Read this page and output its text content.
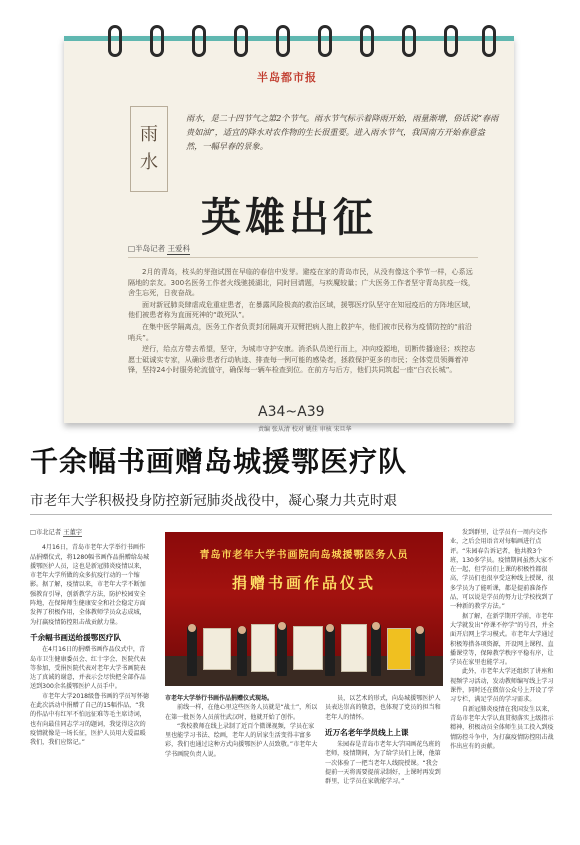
半岛都市报
雨
水
雨水，是二十四节气之第2个节气。雨水节气标示着降雨开始，雨量渐增，俗话说“春雨贵如油”，适宜的降水对农作物的生长很重要。进入雨水节气，我国南方开始春意盎然，一幅早春的景象。
英雄出征
□半岛记者 王爱科

2月的青岛，枝头的芽孢试图在早临的春信中发芽。避疫在家的青岛市民，从没有像这个季节一样，心系远隔地的亲友。300名医务工作者火线驰援湖北，同时回请题，与疾魔较量；广大医务工作者坚守青岛抗疫一线，舍生忘死，日夜奋战。

面对新冠肺炎肆虐成危重症患者，在暴露风险极高的救治区域，援鄂医疗队坚守在知冠疫后的方阵地区域，他们被患者称为直面死神的“敢死队”。

在集中医学隔离点，医务工作者负责封闭隔离开双臂把病人抱上救护车，他们被市民称为疫情防控的“前沿哨兵”。

逆行，给点方带去希望，坚守，为城市守护安康。消杀队员逆行而上，冲向疫源地，切断传播途径；疾控志愿士砥诚实专家，从确诊患者行动轨迹、排查每一例可能的感染者，拯救保护更多的市民；全体党员领舞着冲锋，坚持24小时服务轮流值守，确保每一辆车检查到位。在前方与后方，他们共同筑起一座“白衣长城”。

A34~A39
责编 张从清 校对 姚佳 审核 宋旦华
千余幅书画赠岛城援鄂医疗队
市老年大学积极投身防控新冠肺炎战役中，凝心聚力共克时艰

□市北记者 王董宇

4月16日，青岛市老年大学举行书画作品捐赠仪式，将1280幅书画作品捐赠给岛城援鄂医护人员，这也是新冠肺炎疫情以来，市老年大学所做的众多抗疫行动的一个缩影。据了解，疫情以来，市老年大学不断加强教育引导，创新教学方法，防护校园安全阵地，在保障师生健康安全和社会稳定方面发挥了积极作用，全体教师学员众志成城，为打赢疫情防控阻击战贡献力量。

千余幅书画送给援鄂医疗队

在4月16日的捐赠书画作品仪式中，青岛市卫生健康委员会、红十字会、医院代表等参加，受捐医院代表对老年大学书画院表达了真诚的谢意，并表示会尽快把全部作品送到300余名援鄂医护人员手中。

市老年大学2018级鲁书画的学员写怀德在此次活动中捐赠了自己的15幅作品，“我的作品中有红军不怕远征难等毛主席诗词，也有向最佳同志学习的题词，我觉得这次的疫情就像是一场长征，医护人员用大爱温暖我们，我们应铭记。”

青岛市老年大学书画院向岛城援鄂医务人员
捐赠书画作品仪式

市老年大学举行书画作品捐赠仪式现场。

前线一样，在他心里这些医务人员就是“战士”，所以在第一批医务人员前往武汉时，他就开始了创作。

“我校教师在线上录制了近百个微课视频，学员在家里也能学习书法、绘画，老年人的居家生活变得丰富多彩，我们也通过这种方式向援鄂医护人员致敬。”市老年大学书画院负责人说。

员，以艺术的形式，向岛城援鄂医护人员表达崇高的敬意，也体现了党员的担当和老年人的情怀。

近万名老年学员线上上课

朱园春是青岛市老年大学国画花鸟班的老师，疫情期间，为了给学员们上课，他第一次体验了一把当老年人线院授课。“我会提前一天将需要提前录制好，上课时再发到群里，让学员在家就能学习。”

发到群里，让学员有一周内交作业，之后会用语音对每幅画进行点评。“朱园春告诉记者，他共教3个班，130多学员。疫情期间虽然大家不在一起，但学员们上课的积极性都很高，学员们也很享受这种线上授课，很多学员为了能听课，都是提前准备作品，可以说是学员的努力让学校找到了一种新的教学方法。”

据了解，在新学期开学前，市老年大学就发出“停课不停学”的号召，并全面开启网上学习模式。市老年大学通过积极筹措各项资源，开设网上课程、直播课堂等，保障教学秩序平稳有序，让学员在家里也能学习。

此外，市老年大学还组织了讲座和视频学习活动，发动教师编写线上学习课件，同时还在微信公众号上开设了学习专栏，满足学员的学习需求。

自新冠肺炎疫情在我国发生以来，青岛市老年大学认真贯彻落实上级指示精神，积极动员全体师生员工投入到疫情防控斗争中，为打赢疫情防控阻击战作出应有的贡献。
